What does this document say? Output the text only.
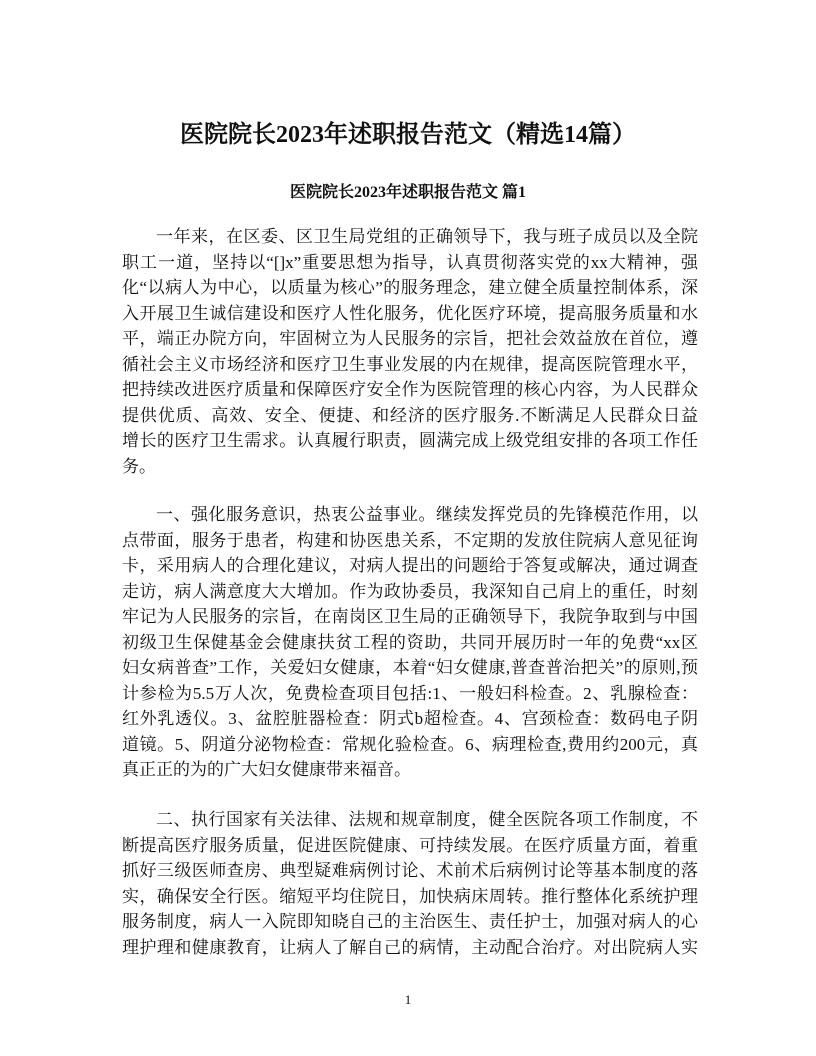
医院院长2023年述职报告范文（精选14篇）
医院院长2023年述职报告范文 篇1
一年来，在区委、区卫生局党组的正确领导下，我与班子成员以及全院
职工一道，坚持以“[]x”重要思想为指导，认真贯彻落实党的xx大精神，强
化“以病人为中心，以质量为核心”的服务理念，建立健全质量控制体系，深
入开展卫生诚信建设和医疗人性化服务，优化医疗环境，提高服务质量和水
平，端正办院方向，牢固树立为人民服务的宗旨，把社会效益放在首位，遵
循社会主义市场经济和医疗卫生事业发展的内在规律，提高医院管理水平，
把持续改进医疗质量和保障医疗安全作为医院管理的核心内容，为人民群众
提供优质、高效、安全、便捷、和经济的医疗服务.不断满足人民群众日益
增长的医疗卫生需求。认真履行职责，圆满完成上级党组安排的各项工作任
务。
一、强化服务意识，热衷公益事业。继续发挥党员的先锋模范作用，以
点带面，服务于患者，构建和协医患关系，不定期的发放住院病人意见征询
卡，采用病人的合理化建议，对病人提出的问题给于答复或解决，通过调查
走访，病人满意度大大增加。作为政协委员，我深知自己肩上的重任，时刻
牢记为人民服务的宗旨，在南岗区卫生局的正确领导下，我院争取到与中国
初级卫生保健基金会健康扶贫工程的资助，共同开展历时一年的免费“xx区
妇女病普查”工作，关爱妇女健康，本着“妇女健康,普查普治把关”的原则,预
计参检为5.5万人次，免费检查项目包括:1、一般妇科检查。2、乳腺检查：
红外乳透仪。3、盆腔脏器检查：阴式b超检查。4、宫颈检查：数码电子阴
道镜。5、阴道分泌物检查：常规化验检查。6、病理检查,费用约200元，真
真正正的为的广大妇女健康带来福音。
二、执行国家有关法律、法规和规章制度，健全医院各项工作制度，不
断提高医疗服务质量，促进医院健康、可持续发展。在医疗质量方面，着重
抓好三级医师查房、典型疑难病例讨论、术前术后病例讨论等基本制度的落
实，确保安全行医。缩短平均住院日，加快病床周转。推行整体化系统护理
服务制度，病人一入院即知晓自己的主治医生、责任护士，加强对病人的心
理护理和健康教育，让病人了解自己的病情，主动配合治疗。对出院病人实
1
